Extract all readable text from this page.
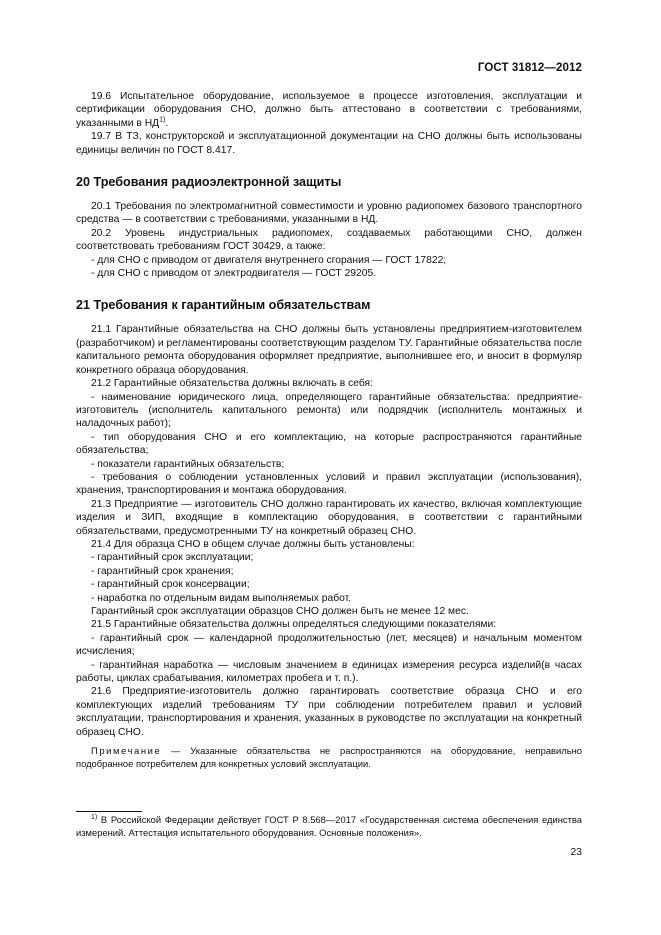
ГОСТ 31812—2012

19.6 Испытательное оборудование, используемое в процессе изготовления, эксплуатации и сертификации оборудования СНО, должно быть аттестовано в соответствии с требованиями, указанными в НД$^{1)}$.

19.7 В ТЗ, конструкторской и эксплуатационной документации на СНО должны быть использованы единицы величин по ГОСТ 8.417.

20 Требования радиоэлектронной защиты

20.1 Требования по электромагнитной совместимости и уровню радиопомех базового транспортного средства — в соответствии с требованиями, указанными в НД.

20.2 Уровень индустриальных радиопомех, создаваемых работающими СНО, должен соответствовать требованиям ГОСТ 30429, а также:

- для СНО с приводом от двигателя внутреннего сгорания — ГОСТ 17822;

- для СНО с приводом от электродвигателя — ГОСТ 29205.

21 Требования к гарантийным обязательствам

21.1 Гарантийные обязательства на СНО должны быть установлены предприятием-изготовителем (разработчиком) и регламентированы соответствующим разделом ТУ. Гарантийные обязательства после капитального ремонта оборудования оформляет предприятие, выполнившее его, и вносит в формуляр конкретного образца оборудования.

21.2 Гарантийные обязательства должны включать в себя:

- наименование юридического лица, определяющего гарантийные обязательства: предприятие-изготовитель (исполнитель капитального ремонта) или подрядчик (исполнитель монтажных и наладочных работ);

- тип оборудования СНО и его комплектацию, на которые распространяются гарантийные обязательства;

- показатели гарантийных обязательств;

- требования о соблюдении установленных условий и правил эксплуатации (использования), хранения, транспортирования и монтажа оборудования.

21.3 Предприятие — изготовитель СНО должно гарантировать их качество, включая комплектующие изделия и ЗИП, входящие в комплектацию оборудования, в соответствии с гарантийными обязательствами, предусмотренными ТУ на конкретный образец СНО.

21.4 Для образца СНО в общем случае должны быть установлены:

- гарантийный срок эксплуатации;

- гарантийный срок хранения;

- гарантийный срок консервации;

- наработка по отдельным видам выполняемых работ.

Гарантийный срок эксплуатации образцов СНО должен быть не менее 12 мес.

21.5 Гарантийные обязательства должны определяться следующими показателями:

- гарантийный срок — календарной продолжительностью (лет, месяцев) и начальным моментом исчисления;

- гарантийная наработка — числовым значением в единицах измерения ресурса изделий(в часах работы, циклах срабатывания, километрах пробега и т. п.).

21.6 Предприятие-изготовитель должно гарантировать соответствие образца СНО и его комплектующих изделий требованиям ТУ при соблюдении потребителем правил и условий эксплуатации, транспортирования и хранения, указанных в руководстве по эксплуатации на конкретный образец СНО.

Примечание — Указанные обязательства не распространяются на оборудование, неправильно подобранное потребителем для конкретных условий эксплуатации.

$^{1)}$ В Российской Федерации действует ГОСТ Р 8.568—2017 «Государственная система обеспечения единства измерений. Аттестация испытательного оборудования. Основные положения».

23
